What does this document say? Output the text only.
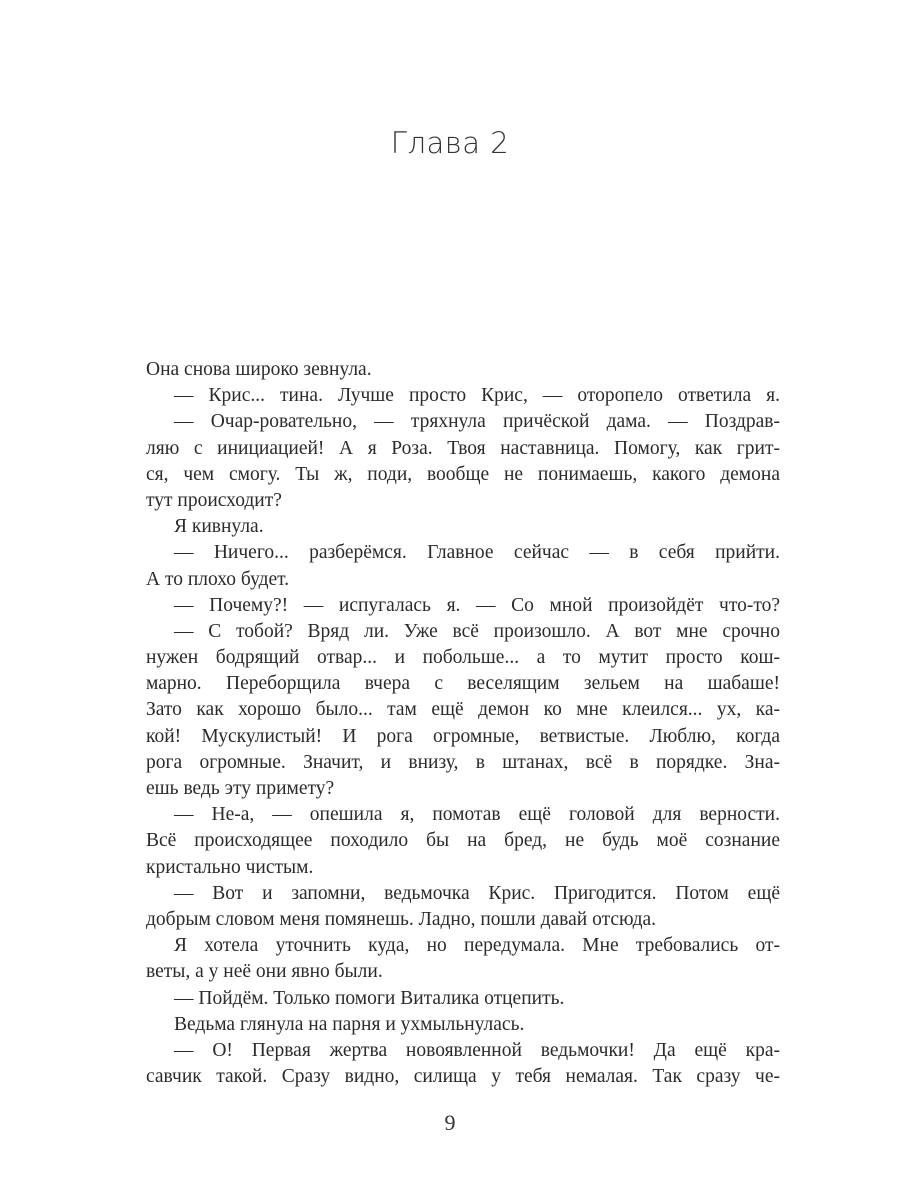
Глава 2
Она снова широко зевнула.
— Крис... тина. Лучше просто Крис, — оторопело ответила я.
— Очар-ровательно, — тряхнула причёской дама. — Поздрав-
ляю с инициацией! А я Роза. Твоя наставница. Помогу, как грит-
ся, чем смогу. Ты ж, поди, вообще не понимаешь, какого демона
тут происходит?
Я кивнула.
— Ничего... разберёмся. Главное сейчас — в себя прийти.
А то плохо будет.
— Почему?! — испугалась я. — Со мной произойдёт что-то?
— С тобой? Вряд ли. Уже всё произошло. А вот мне срочно
нужен бодрящий отвар... и побольше... а то мутит просто кош-
марно. Переборщила вчера с веселящим зельем на шабаше!
Зато как хорошо было... там ещё демон ко мне клеился... ух, ка-
кой! Мускулистый! И рога огромные, ветвистые. Люблю, когда
рога огромные. Значит, и внизу, в штанах, всё в порядке. Зна-
ешь ведь эту примету?
— Не-а, — опешила я, помотав ещё головой для верности.
Всё происходящее походило бы на бред, не будь моё сознание
кристально чистым.
— Вот и запомни, ведьмочка Крис. Пригодится. Потом ещё
добрым словом меня помянешь. Ладно, пошли давай отсюда.
Я хотела уточнить куда, но передумала. Мне требовались от-
веты, а у неё они явно были.
— Пойдём. Только помоги Виталика отцепить.
Ведьма глянула на парня и ухмыльнулась.
— О! Первая жертва новоявленной ведьмочки! Да ещё кра-
савчик такой. Сразу видно, силища у тебя немалая. Так сразу че-
9
